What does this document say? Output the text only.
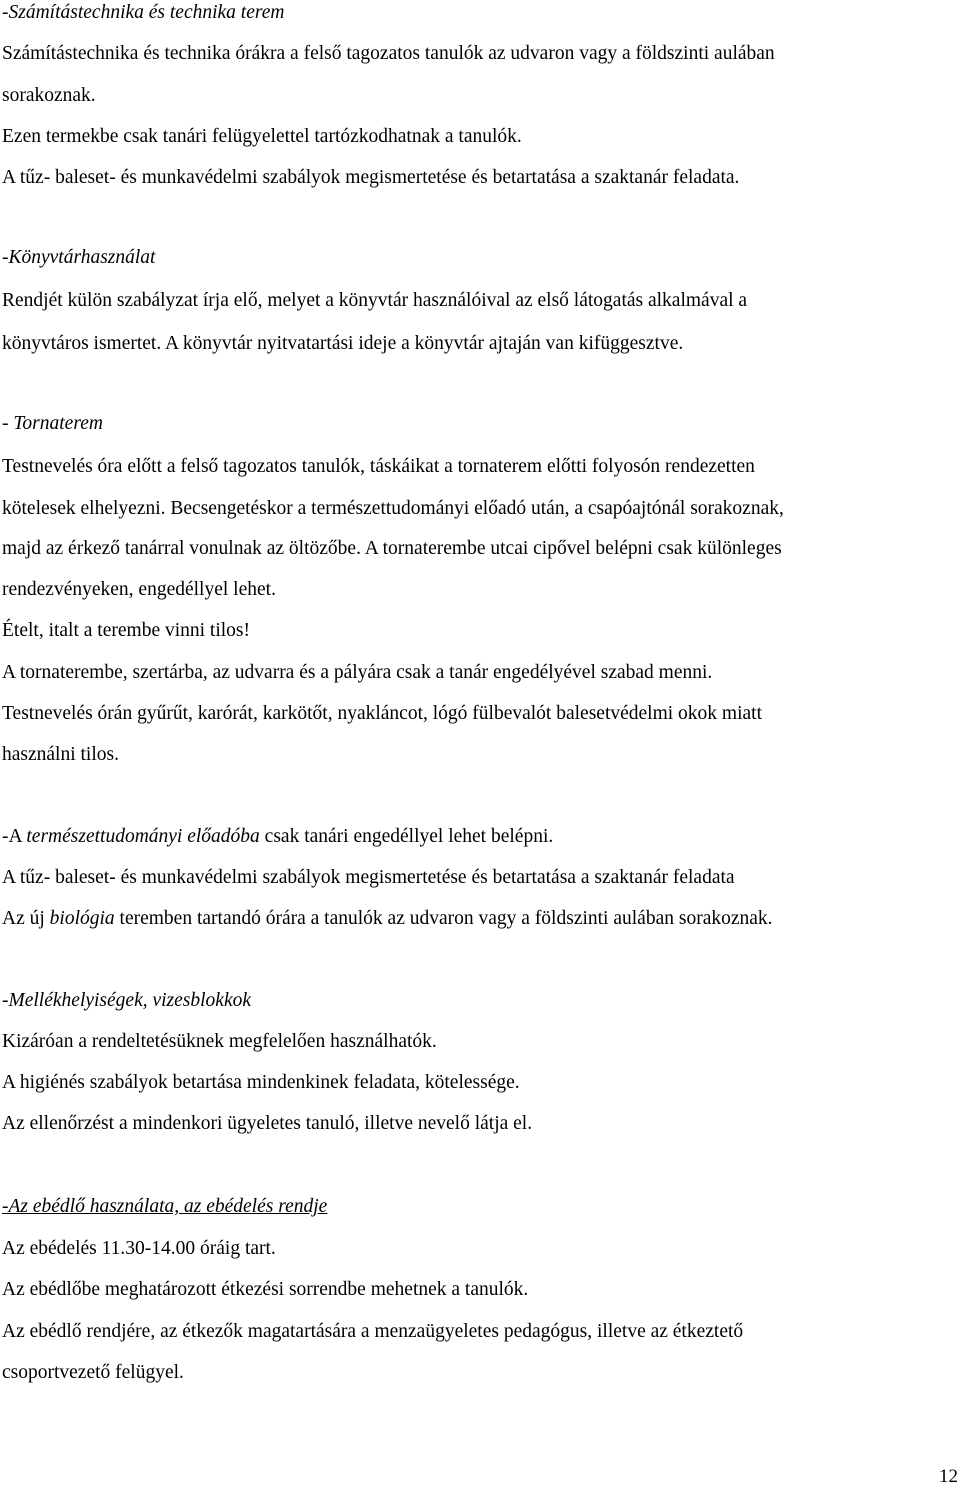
-Számítástechnika és technika terem
Számítástechnika és technika órákra a felső tagozatos tanulók az udvaron vagy a földszinti aulában
sorakoznak.
Ezen termekbe csak tanári felügyelettel tartózkodhatnak a tanulók.
A tűz- baleset- és munkavédelmi szabályok megismertetése és betartatása a szaktanár feladata.
-Könyvtárhasználat
Rendjét külön szabályzat írja elő, melyet a könyvtár használóival az első látogatás alkalmával a
könyvtáros ismertet. A könyvtár nyitvatartási ideje a könyvtár ajtaján van kifüggesztve.
- Tornaterem
Testnevelés óra előtt a felső tagozatos tanulók, táskáikat a tornaterem előtti folyosón rendezetten
kötelesek elhelyezni. Becsengetéskor a természettudományi előadó után, a csapóajtónál sorakoznak,
majd az érkező tanárral vonulnak az öltözőbe. A tornaterembe utcai cipővel belépni csak különleges
rendezvényeken, engedéllyel lehet.
Ételt, italt a terembe vinni tilos!
A tornaterembe, szertárba, az udvarra és a pályára csak a tanár engedélyével szabad menni.
Testnevelés órán gyűrűt, karórát, karkötőt, nyakláncot, lógó fülbevalót balesetvédelmi okok miatt
használni tilos.
-A természettudományi előadóba csak tanári engedéllyel lehet belépni.
A tűz- baleset- és munkavédelmi szabályok megismertetése és betartatása a szaktanár feladata
Az új biológia teremben tartandó órára a tanulók az udvaron vagy a földszinti aulában sorakoznak.
-Mellékhelyiségek, vizesblokkok
Kizáróan a rendeltetésüknek megfelelően használhatók.
A higiénés szabályok betartása mindenkinek feladata, kötelessége.
Az ellenőrzést a mindenkori ügyeletes tanuló, illetve nevelő látja el.
-Az ebédlő használata, az ebédelés rendje
Az ebédelés 11.30-14.00 óráig tart.
Az ebédlőbe meghatározott étkezési sorrendbe mehetnek a tanulók.
Az ebédlő rendjére, az étkezők magatartására a menzaügyeletes pedagógus, illetve az étkeztető
csoportvezető felügyel.
12
